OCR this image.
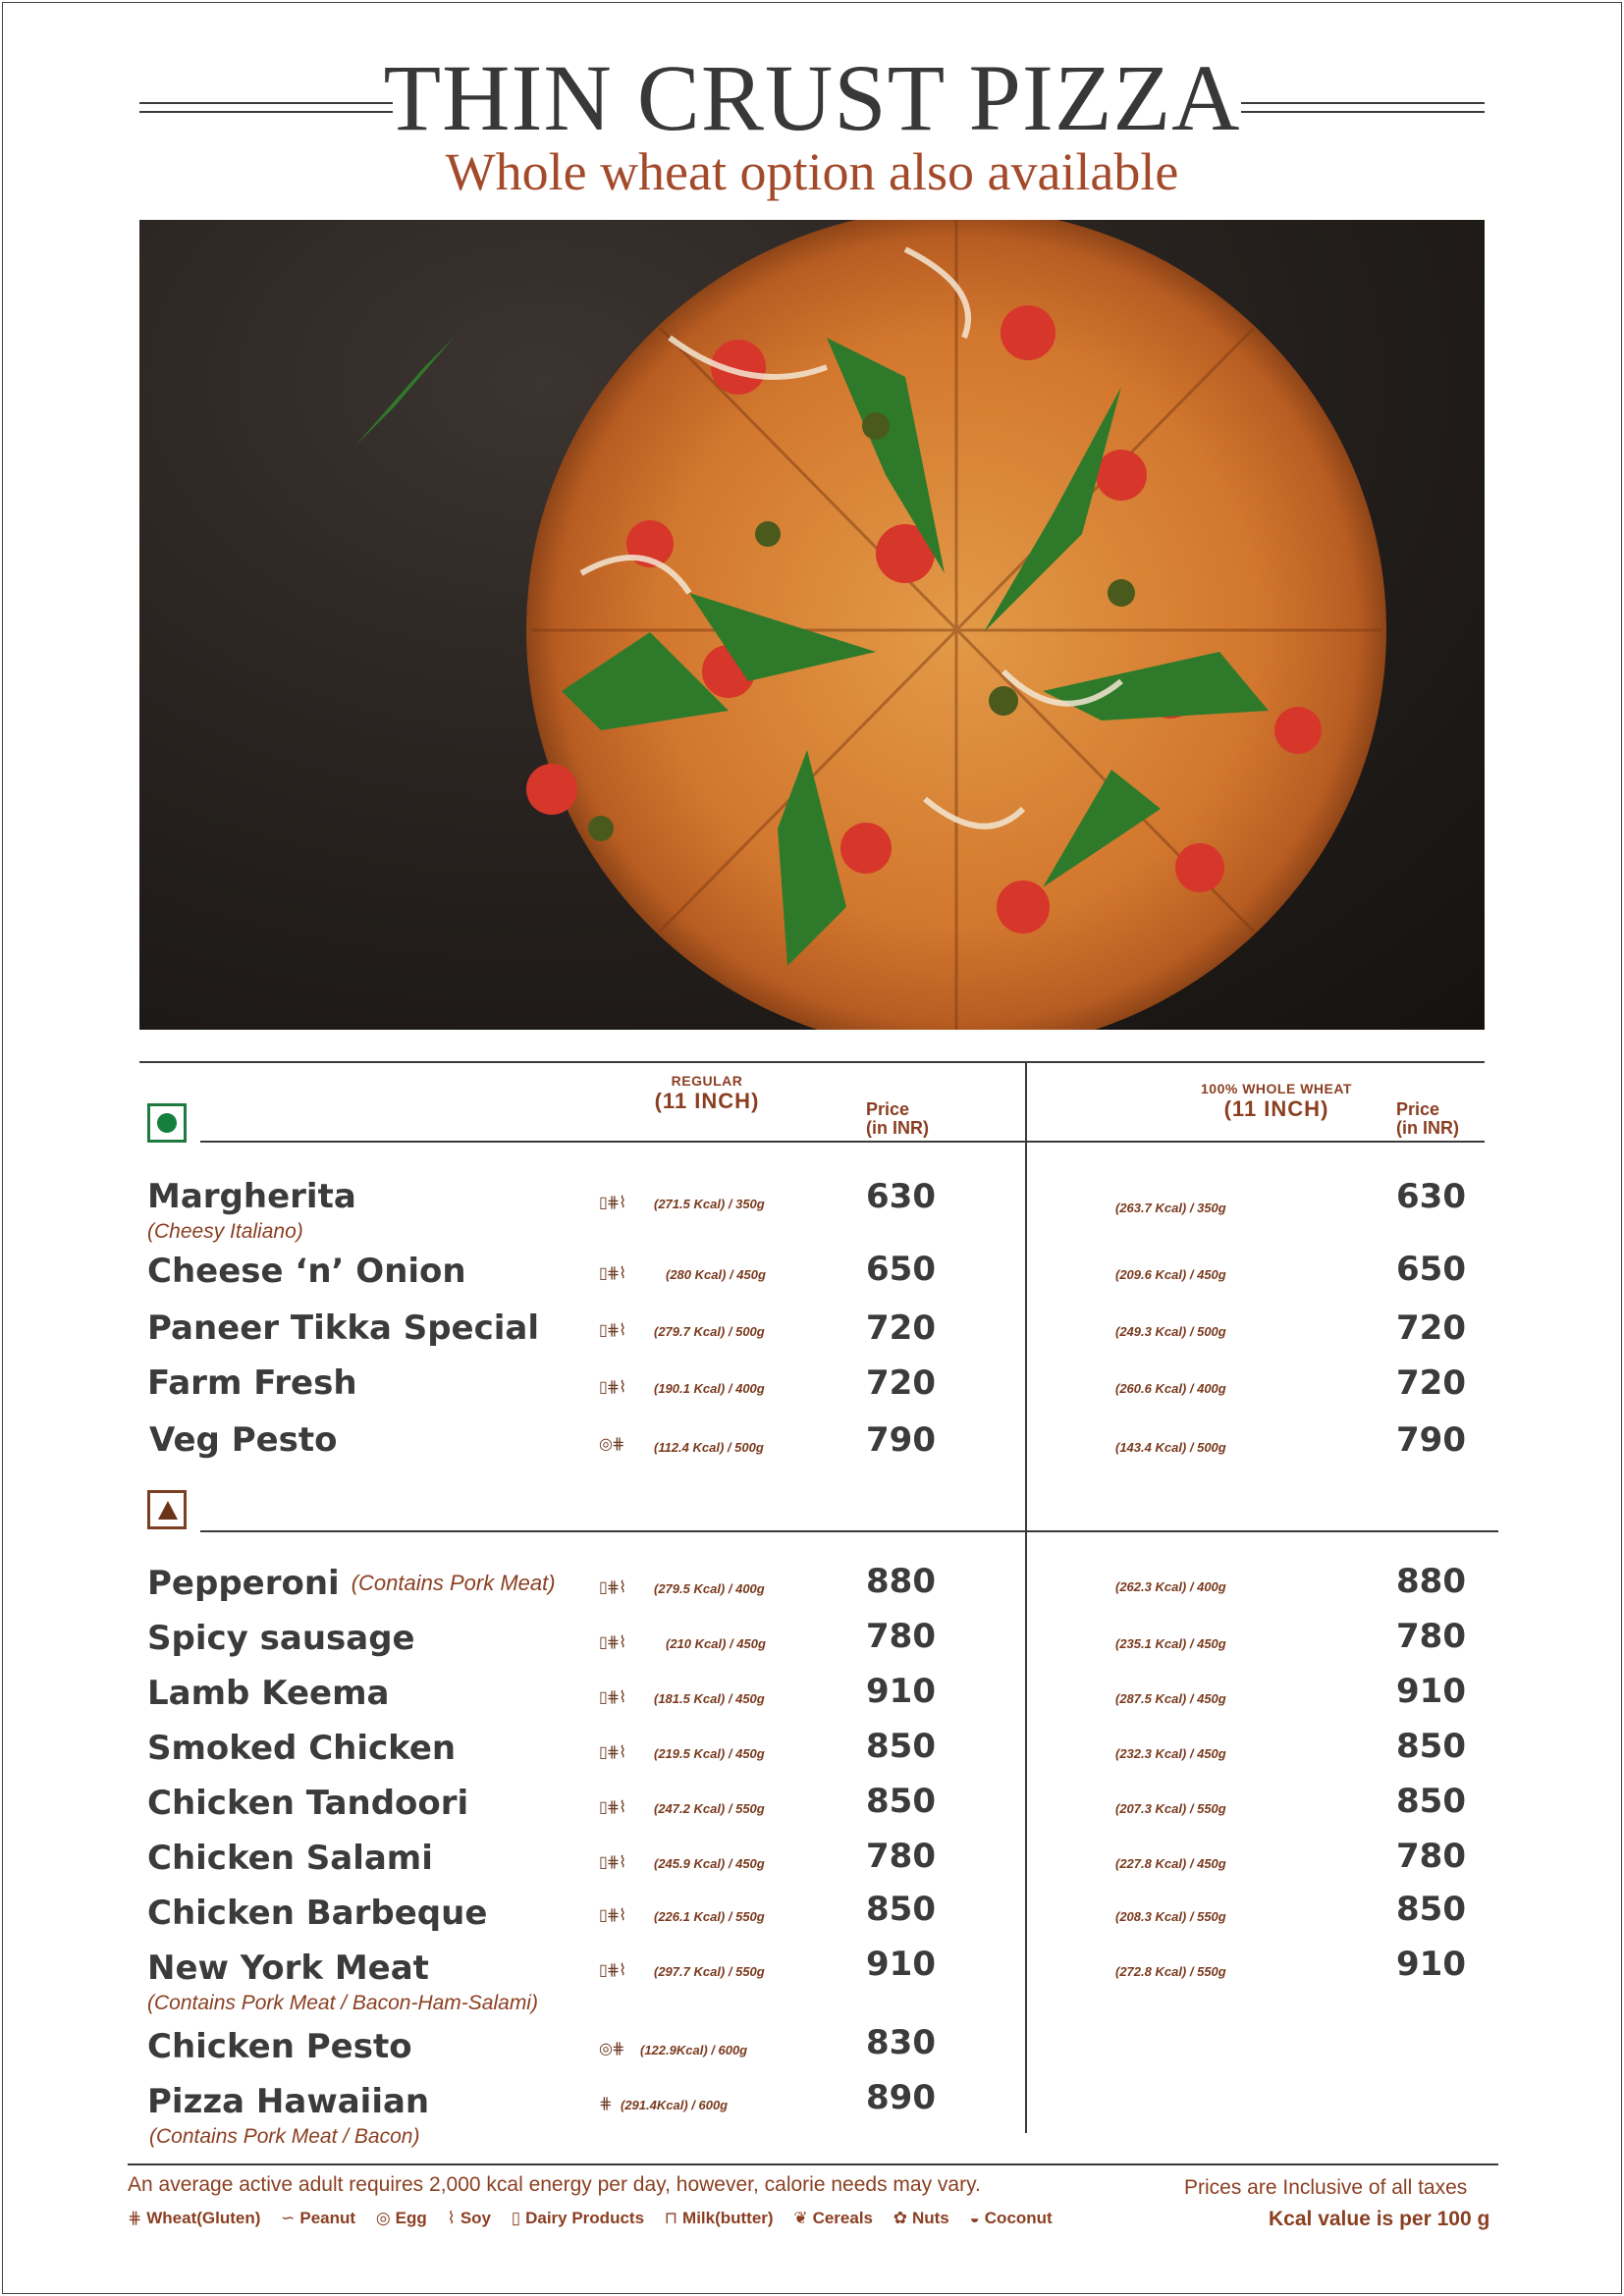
THIN CRUST PIZZA
Whole wheat option also available
REGULAR
(11 INCH)	Price
(in INR)
100% WHOLE WHEAT
(11 INCH)	Price
(in INR)
Margherita
(Cheesy Italiano)
▯⋕⌇ (271.5 Kcal) / 350g	630	(263.7 Kcal) / 350g	630
Cheese ‘n’ Onion	▯⋕⌇	(280 Kcal) / 450g	650	(209.6 Kcal) / 450g	650
Paneer Tikka Special	▯⋕⌇ (279.7 Kcal) / 500g	720	(249.3 Kcal) / 500g	720
Farm Fresh	▯⋕⌇ (190.1 Kcal) / 400g	720	(260.6 Kcal) / 400g	720
Veg Pesto	◎⋕ (112.4 Kcal) / 500g	790	(143.4 Kcal) / 500g	790
Pepperoni (Contains Pork Meat)	▯⋕⌇ (279.5 Kcal) / 400g	880	(262.3 Kcal) / 400g	880
Spicy sausage	▯⋕⌇	(210 Kcal) / 450g	780	(235.1 Kcal) / 450g	780
Lamb Keema	▯⋕⌇ (181.5 Kcal) / 450g	910	(287.5 Kcal) / 450g	910
Smoked Chicken	▯⋕⌇ (219.5 Kcal) / 450g	850	(232.3 Kcal) / 450g	850
Chicken Tandoori	▯⋕⌇ (247.2 Kcal) / 550g	850	(207.3 Kcal) / 550g	850
Chicken Salami	▯⋕⌇ (245.9 Kcal) / 450g	780	(227.8 Kcal) / 450g	780
Chicken Barbeque	▯⋕⌇ (226.1 Kcal) / 550g	850	(208.3 Kcal) / 550g	850
New York Meat
(Contains Pork Meat / Bacon-Ham-Salami)
▯⋕⌇ (297.7 Kcal) / 550g	910	(272.8 Kcal) / 550g	910
Chicken Pesto	◎⋕ (122.9Kcal) / 600g	830
Pizza Hawaiian
(Contains Pork Meat / Bacon)
⋕ (291.4Kcal) / 600g	890
An average active adult requires 2,000 kcal energy per day, however, calorie needs may vary.	Prices are Inclusive of all taxes
Kcal value is per 100 g
⋕ Wheat(Gluten) ∽ Peanut ◎ Egg ⌇ Soy ▯ Dairy Products ⊓ Milk(butter) ❦ Cereals ✿ Nuts ◒ Coconut
